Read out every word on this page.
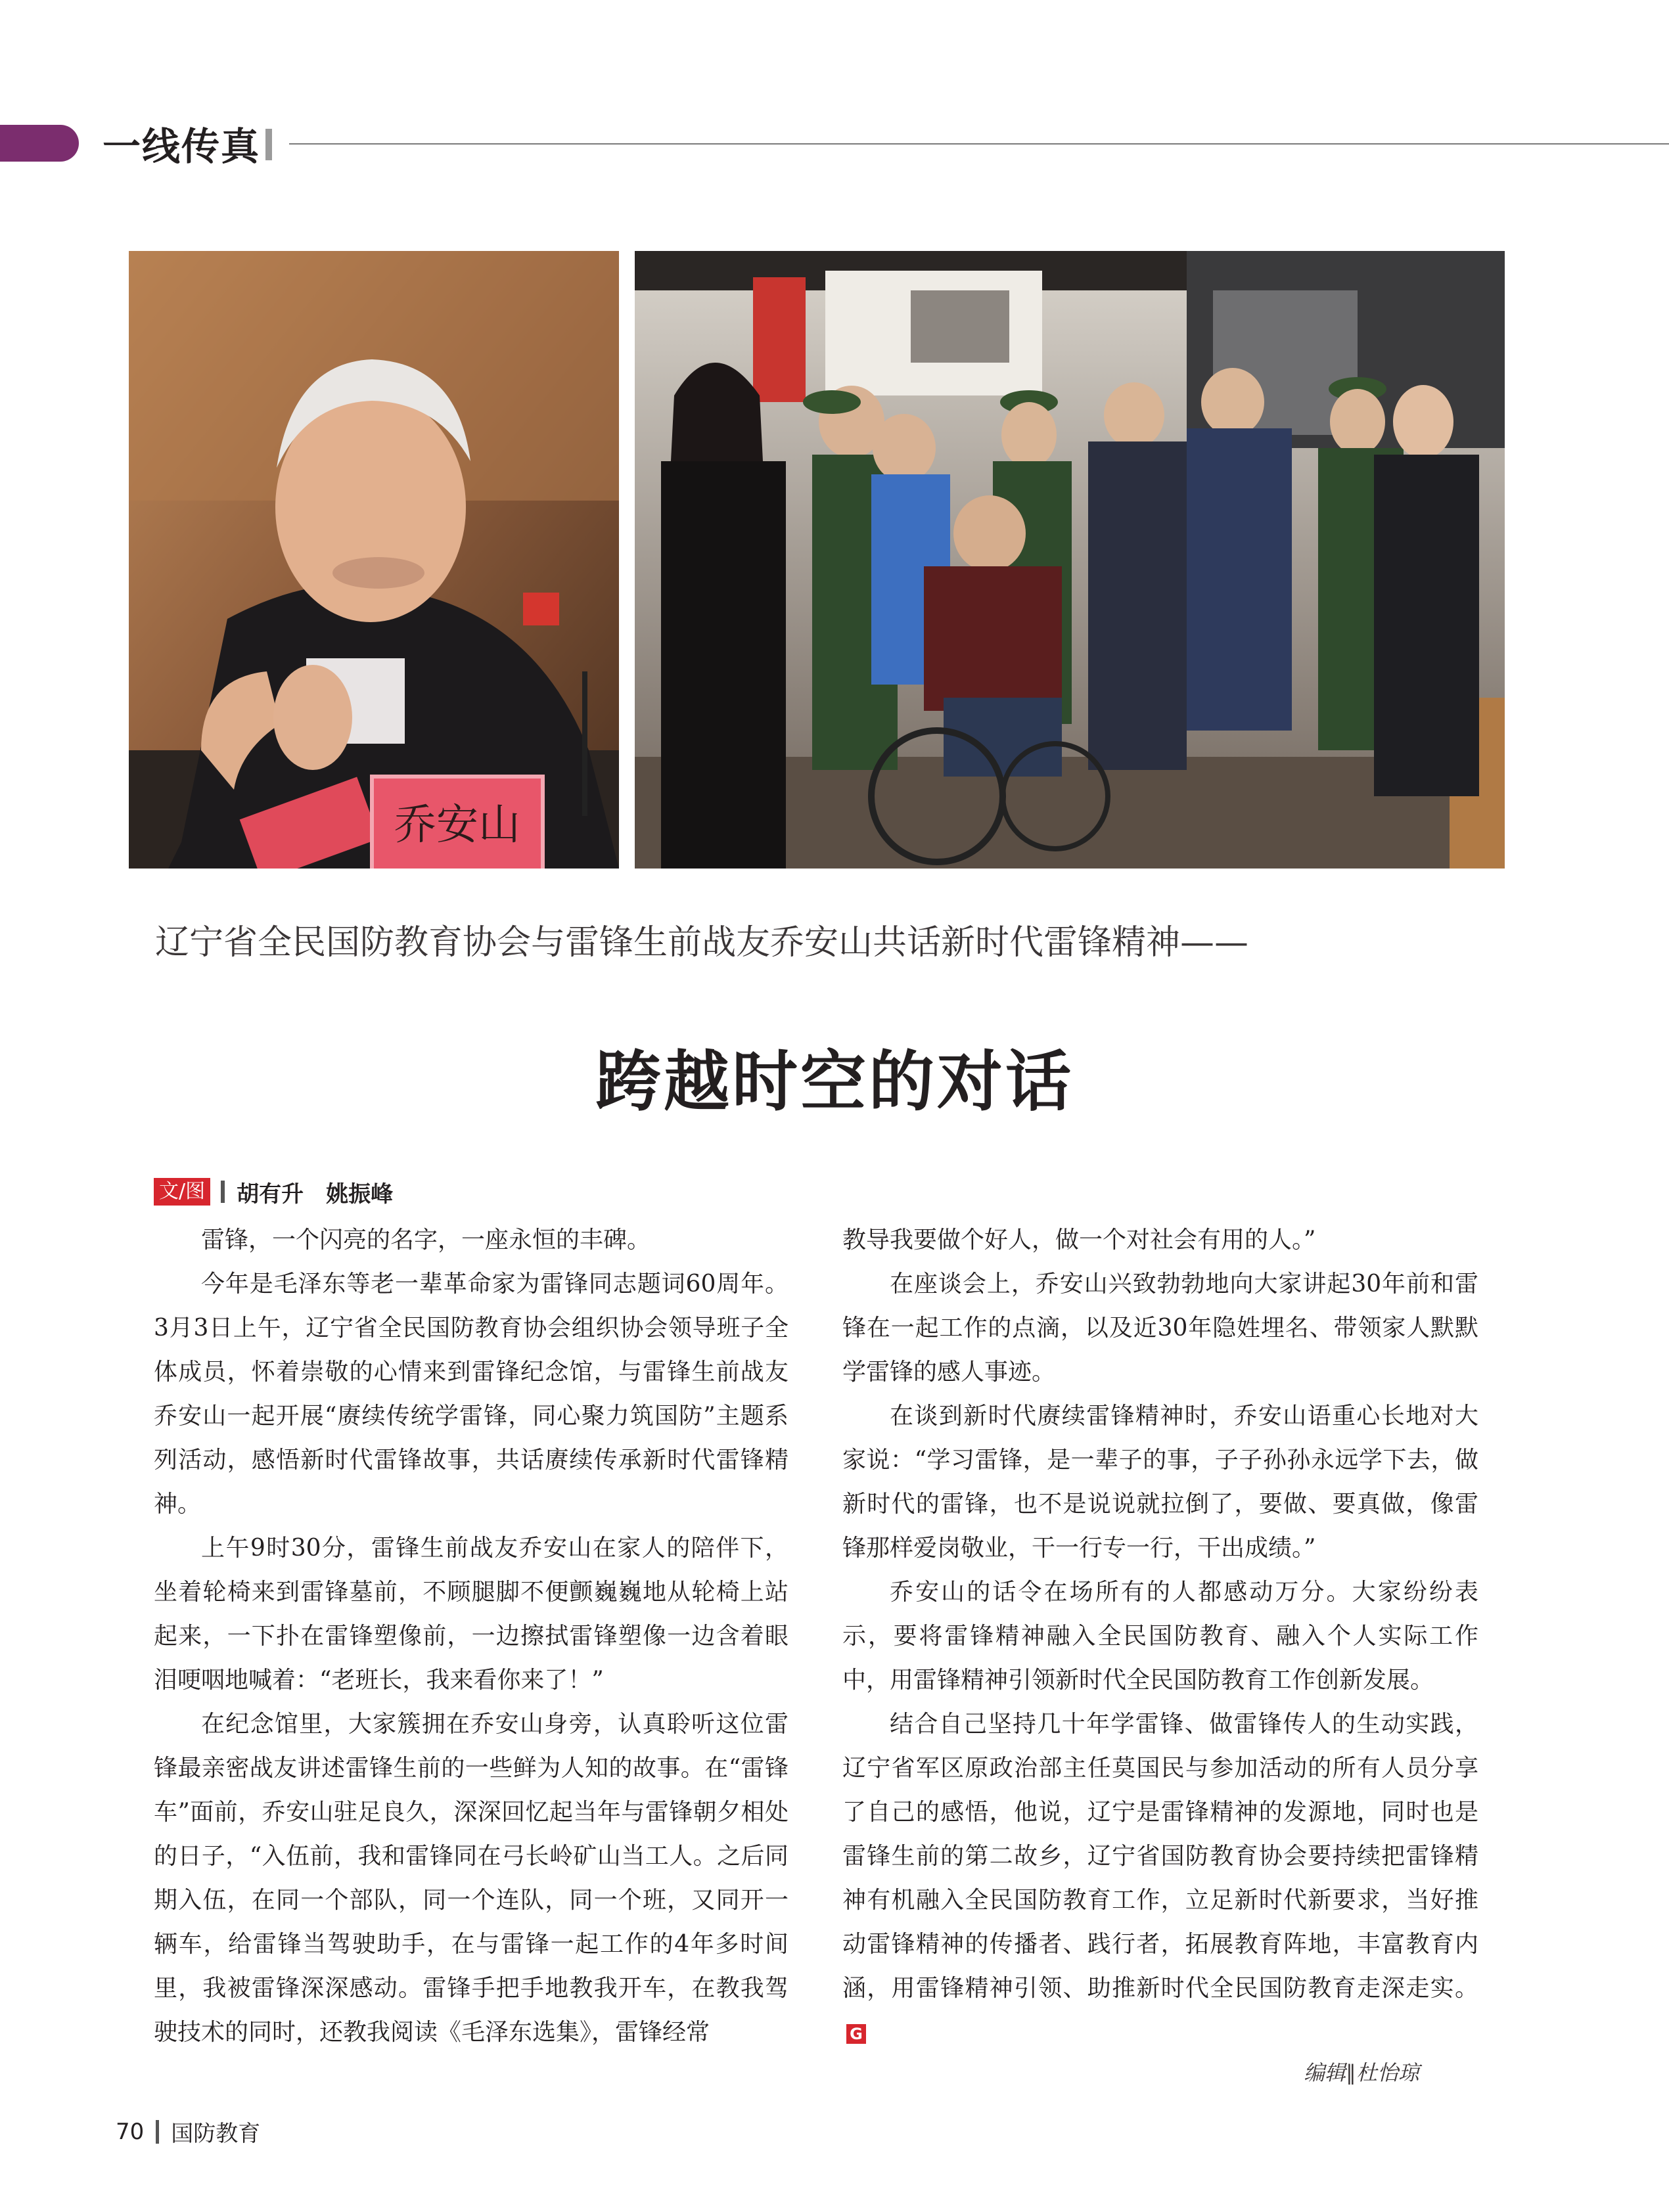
一线传真
乔安山
辽宁省全民国防教育协会与雷锋生前战友乔安山共话新时代雷锋精神——
跨越时空的对话
文/图 胡有升　姚振峰

雷锋，一个闪亮的名字，一座永恒的丰碑。

今年是毛泽东等老一辈革命家为雷锋同志题词60周年。3月3日上午，辽宁省全民国防教育协会组织协会领导班子全体成员，怀着崇敬的心情来到雷锋纪念馆，与雷锋生前战友乔安山一起开展“赓续传统学雷锋，同心聚力筑国防”主题系列活动，感悟新时代雷锋故事，共话赓续传承新时代雷锋精神。

上午9时30分，雷锋生前战友乔安山在家人的陪伴下，坐着轮椅来到雷锋墓前，不顾腿脚不便颤巍巍地从轮椅上站起来，一下扑在雷锋塑像前，一边擦拭雷锋塑像一边含着眼泪哽咽地喊着：“老班长，我来看你来了！”

在纪念馆里，大家簇拥在乔安山身旁，认真聆听这位雷锋最亲密战友讲述雷锋生前的一些鲜为人知的故事。在“雷锋车”面前，乔安山驻足良久，深深回忆起当年与雷锋朝夕相处的日子，“入伍前，我和雷锋同在弓长岭矿山当工人。之后同期入伍，在同一个部队，同一个连队，同一个班，又同开一辆车，给雷锋当驾驶助手，在与雷锋一起工作的4年多时间里，我被雷锋深深感动。雷锋手把手地教我开车，在教我驾驶技术的同时，还教我阅读《毛泽东选集》，雷锋经常

教导我要做个好人，做一个对社会有用的人。”

在座谈会上，乔安山兴致勃勃地向大家讲起30年前和雷锋在一起工作的点滴，以及近30年隐姓埋名、带领家人默默学雷锋的感人事迹。

在谈到新时代赓续雷锋精神时，乔安山语重心长地对大家说：“学习雷锋，是一辈子的事，子子孙孙永远学下去，做新时代的雷锋，也不是说说就拉倒了，要做、要真做，像雷锋那样爱岗敬业，干一行专一行，干出成绩。”

乔安山的话令在场所有的人都感动万分。大家纷纷表示，要将雷锋精神融入全民国防教育、融入个人实际工作中，用雷锋精神引领新时代全民国防教育工作创新发展。

结合自己坚持几十年学雷锋、做雷锋传人的生动实践，辽宁省军区原政治部主任莫国民与参加活动的所有人员分享了自己的感悟，他说，辽宁是雷锋精神的发源地，同时也是雷锋生前的第二故乡，辽宁省国防教育协会要持续把雷锋精神有机融入全民国防教育工作，立足新时代新要求，当好推动雷锋精神的传播者、践行者，拓展教育阵地，丰富教育内涵，用雷锋精神引领、助推新时代全民国防教育走深走实。G

编辑∥杜怡琼
70 国防教育
